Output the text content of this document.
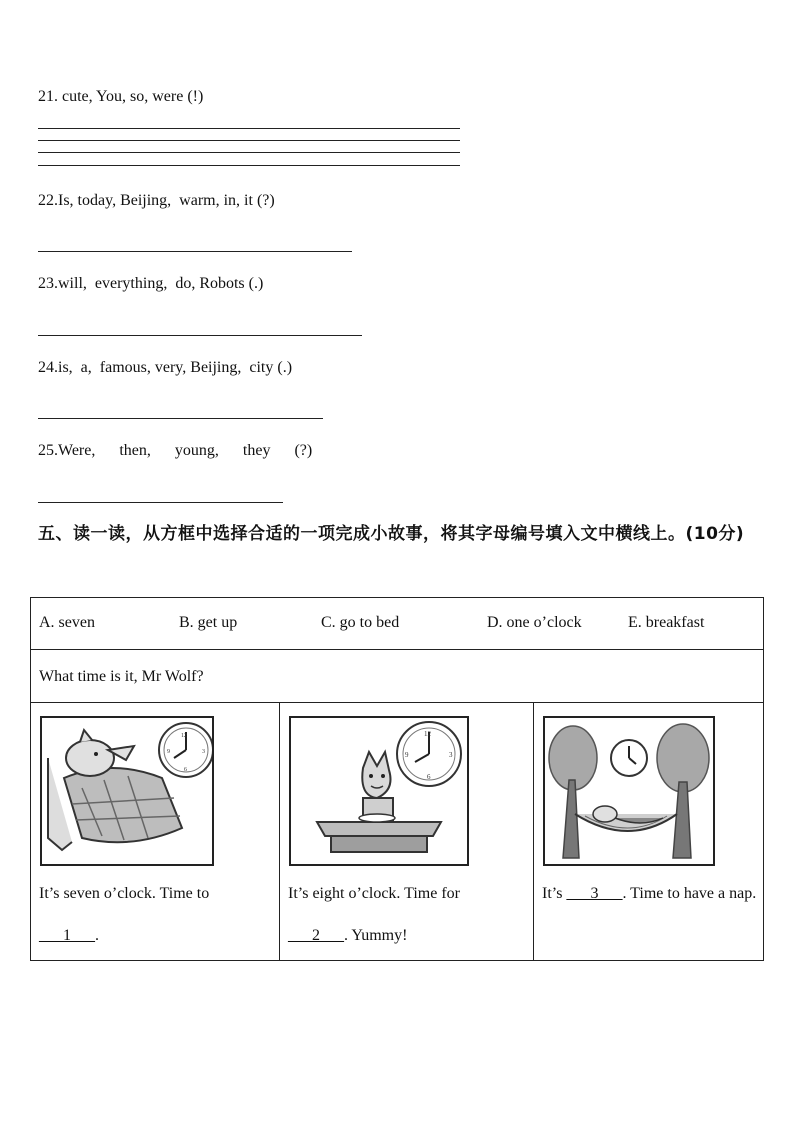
21. cute, You, so, were (!)
22.Is, today, Beijing,  warm, in, it (?)
23.will,  everything,  do, Robots (.)
24.is,  a,  famous, very, Beijing,  city (.)
25.Were,      then,      young,      they      (?)
五、读一读，从方框中选择合适的一项完成小故事，将其字母编号填入文中横线上。(10分)
A. seven	B. get up	C. go to bed	D. one o’clock	E. breakfast
What time is it, Mr Wolf?
12
3
6
9
It’s seven o’clock. Time to
___1___.
12
3
6
9
It’s eight o’clock. Time for
___2___. Yummy!
It’s ___3___. Time to have a nap.
